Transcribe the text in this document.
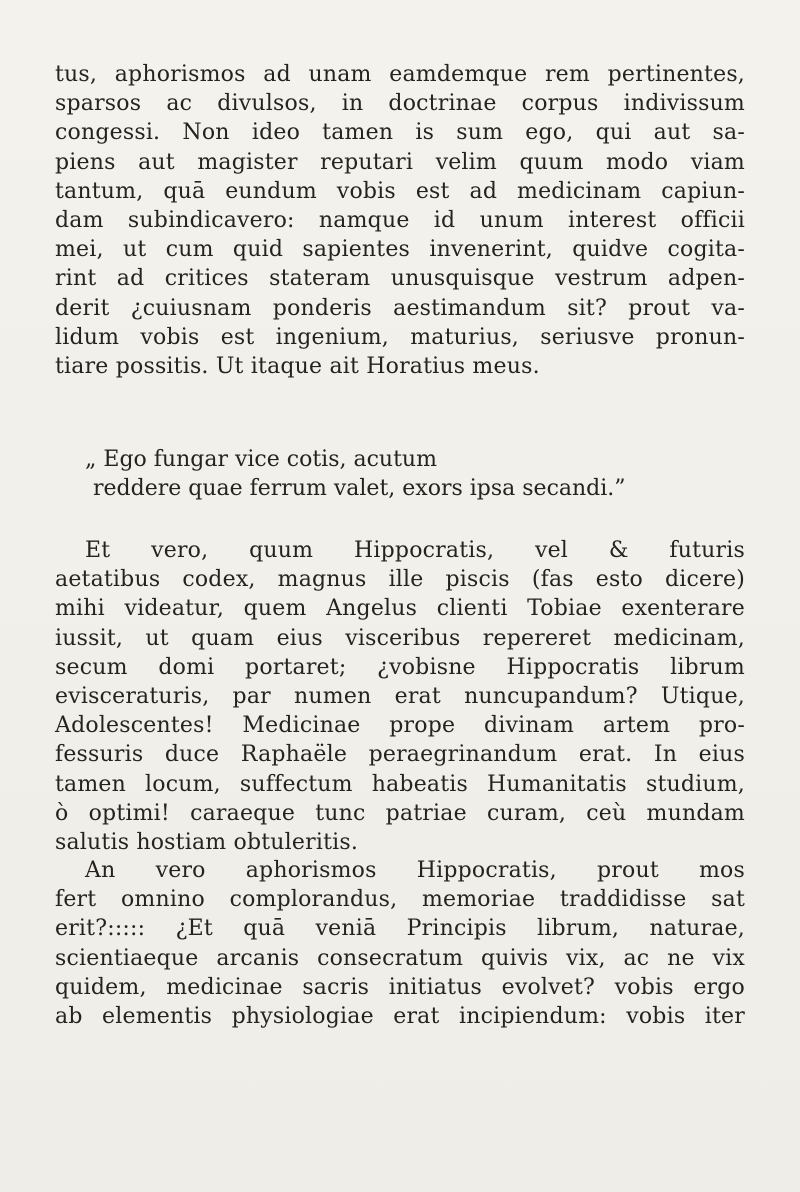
tus, aphorismos ad unam eamdemque rem pertinentes,
sparsos ac divulsos, in doctrinae corpus indivissum
congessi. Non ideo tamen is sum ego, qui aut sa-
piens aut magister reputari velim quum modo viam
tantum, quā eundum vobis est ad medicinam capiun-
dam subindicavero: namque id unum interest officii
mei, ut cum quid sapientes invenerint, quidve cogita-
rint ad critices stateram unusquisque vestrum adpen-
derit ¿cuiusnam ponderis aestimandum sit? prout va-
lidum vobis est ingenium, maturius, seriusve pronun-
tiare possitis. Ut itaque ait Horatius meus.
„ Ego fungar vice cotis, acutum
reddere quae ferrum valet, exors ipsa secandi.”
Et vero, quum Hippocratis, vel & futuris
aetatibus codex, magnus ille piscis (fas esto dicere)
mihi videatur, quem Angelus clienti Tobiae exenterare
iussit, ut quam eius visceribus repereret medicinam,
secum domi portaret; ¿vobisne Hippocratis librum
evisceraturis, par numen erat nuncupandum? Utique,
Adolescentes! Medicinae prope divinam artem pro-
fessuris duce Raphaële peraegrinandum erat. In eius
tamen locum, suffectum habeatis Humanitatis studium,
ò optimi! caraeque tunc patriae curam, ceù mundam
salutis hostiam obtuleritis.
An vero aphorismos Hippocratis, prout mos
fert omnino complorandus, memoriae traddidisse sat
erit?::::: ¿Et quā veniā Principis librum, naturae,
scientiaeque arcanis consecratum quivis vix, ac ne vix
quidem, medicinae sacris initiatus evolvet? vobis ergo
ab elementis physiologiae erat incipiendum: vobis iter
